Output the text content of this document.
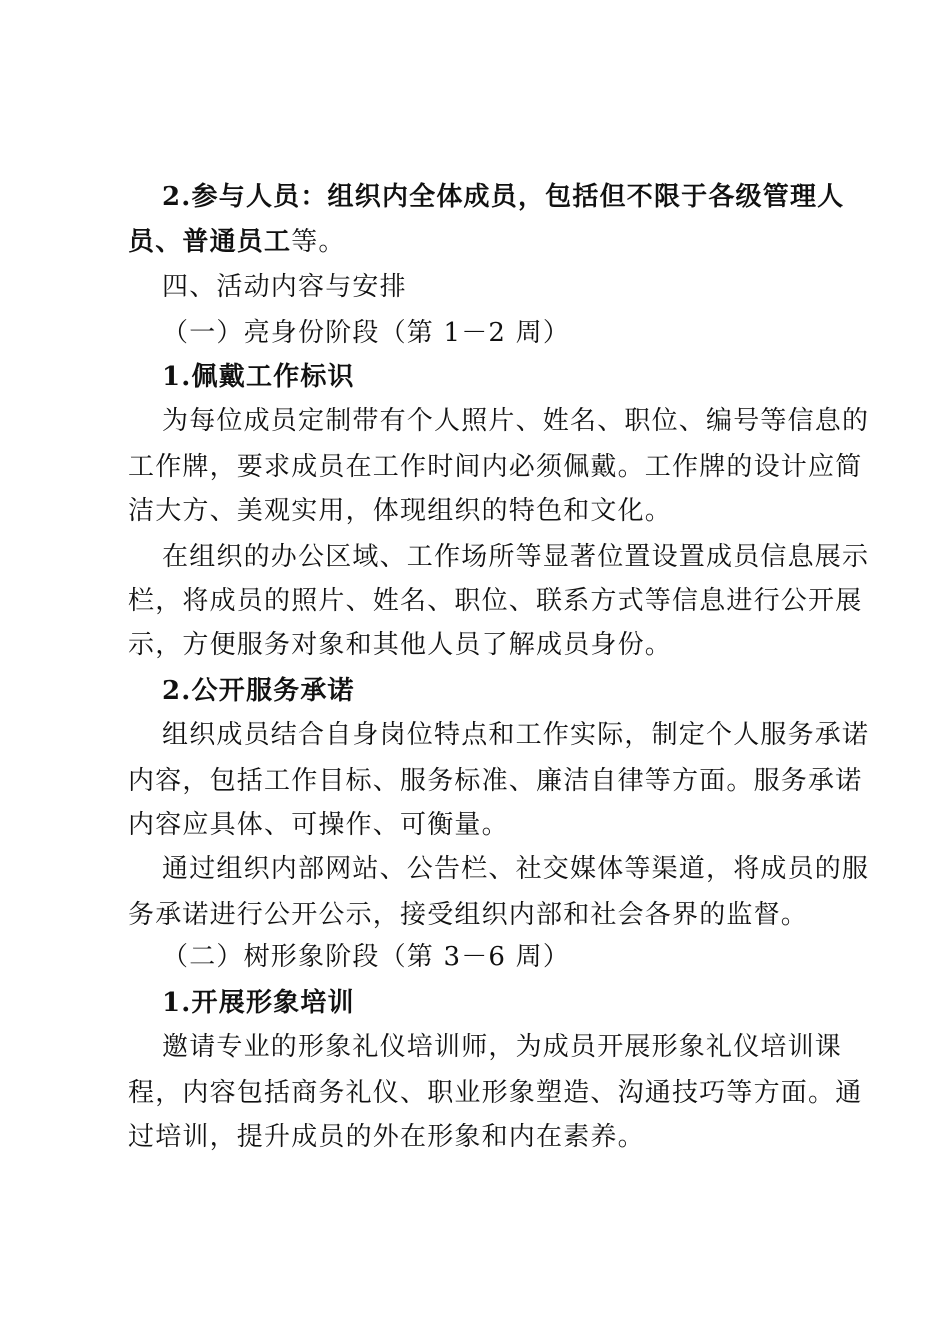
2.参与人员：组织内全体成员，包括但不限于各级管理人
员、普通员工等。
四、活动内容与安排
（一）亮身份阶段（第 1－2 周）
1.佩戴工作标识
为每位成员定制带有个人照片、姓名、职位、编号等信息的
工作牌，要求成员在工作时间内必须佩戴。工作牌的设计应简
洁大方、美观实用，体现组织的特色和文化。
在组织的办公区域、工作场所等显著位置设置成员信息展示
栏，将成员的照片、姓名、职位、联系方式等信息进行公开展
示，方便服务对象和其他人员了解成员身份。
2.公开服务承诺
组织成员结合自身岗位特点和工作实际，制定个人服务承诺
内容，包括工作目标、服务标准、廉洁自律等方面。服务承诺
内容应具体、可操作、可衡量。
通过组织内部网站、公告栏、社交媒体等渠道，将成员的服
务承诺进行公开公示，接受组织内部和社会各界的监督。
（二）树形象阶段（第 3－6 周）
1.开展形象培训
邀请专业的形象礼仪培训师，为成员开展形象礼仪培训课
程，内容包括商务礼仪、职业形象塑造、沟通技巧等方面。通
过培训，提升成员的外在形象和内在素养。
